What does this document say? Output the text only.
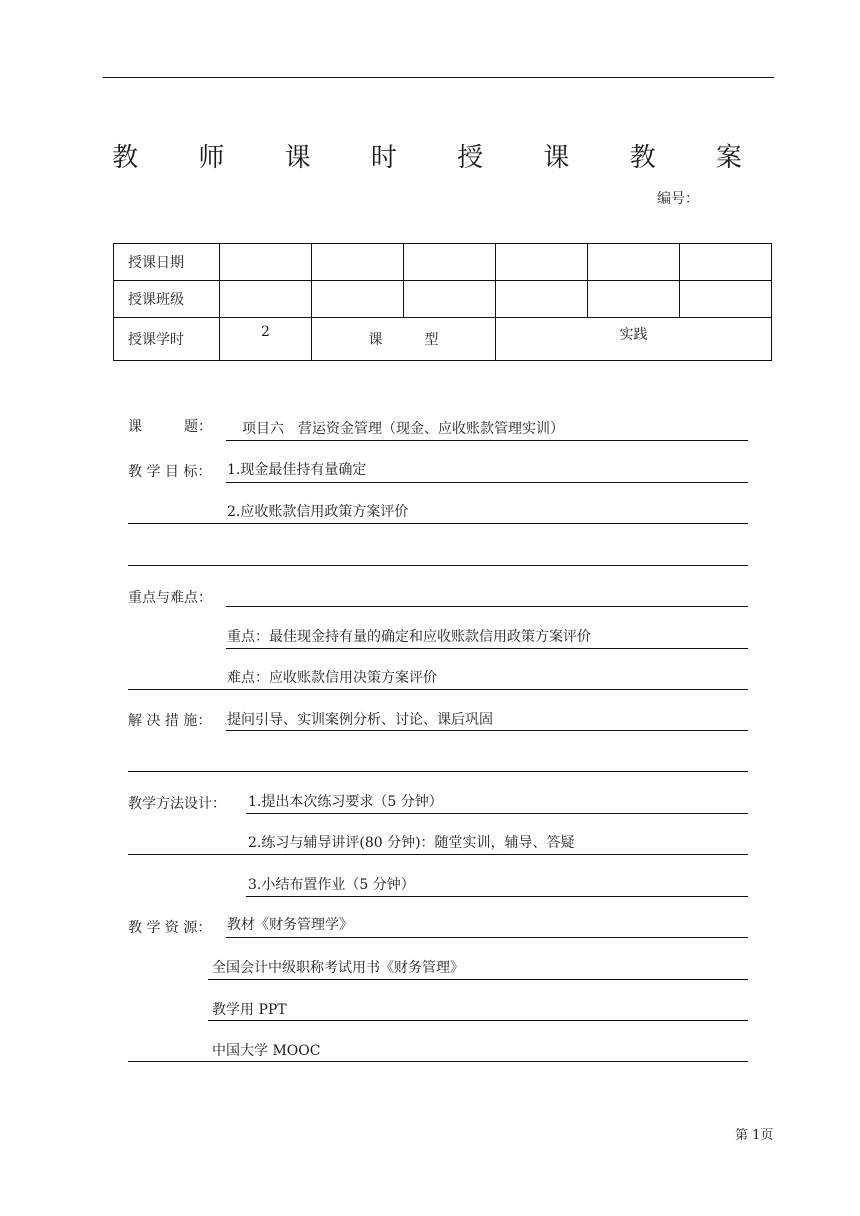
教 师 课 时 授 课 教 案
编号：
授课日期						
授课班级						
授课学时	2	课　　　型		实践		
课　　　题： 项目六　营运资金管理（现金、应收账款管理实训）
教 学 目 标： 1.现金最佳持有量确定
2.应收账款信用政策方案评价
重点与难点：
重点：最佳现金持有量的确定和应收账款信用政策方案评价
难点：应收账款信用决策方案评价
解 决 措 施： 提问引导、实训案例分析、讨论、课后巩固
教学方法设计： 1.提出本次练习要求（5 分钟）
2.练习与辅导讲评(80 分钟)：随堂实训，辅导、答疑
3.小结布置作业（5 分钟）
教 学 资 源： 教材《财务管理学》
全国会计中级职称考试用书《财务管理》
教学用 PPT
中国大学 MOOC
第 1页
